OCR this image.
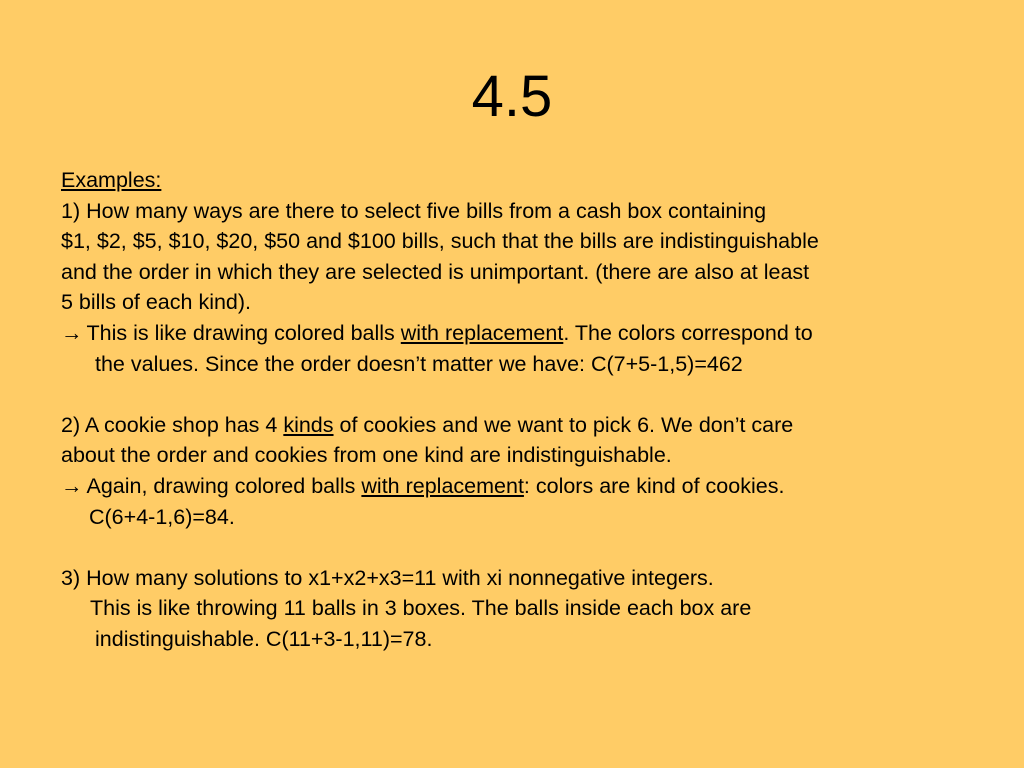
4.5
Examples:
1) How many ways are there to select five bills from a cash box containing
$1, $2, $5, $10, $20, $50 and $100 bills, such that the bills are indistinguishable
and the order in which they are selected is unimportant. (there are also at least
5 bills of each kind).
→ This is like drawing colored balls with replacement. The colors correspond to
the values. Since the order doesn’t matter we have: C(7+5-1,5)=462
2) A cookie shop has 4 kinds of cookies and we want to pick 6. We don’t care
about the order and cookies from one kind are indistinguishable.
→ Again, drawing colored balls with replacement: colors are kind of cookies.
C(6+4-1,6)=84.
3) How many solutions to x1+x2+x3=11 with xi nonnegative integers.
This is like throwing 11 balls in 3 boxes. The balls inside each box are
indistinguishable. C(11+3-1,11)=78.
